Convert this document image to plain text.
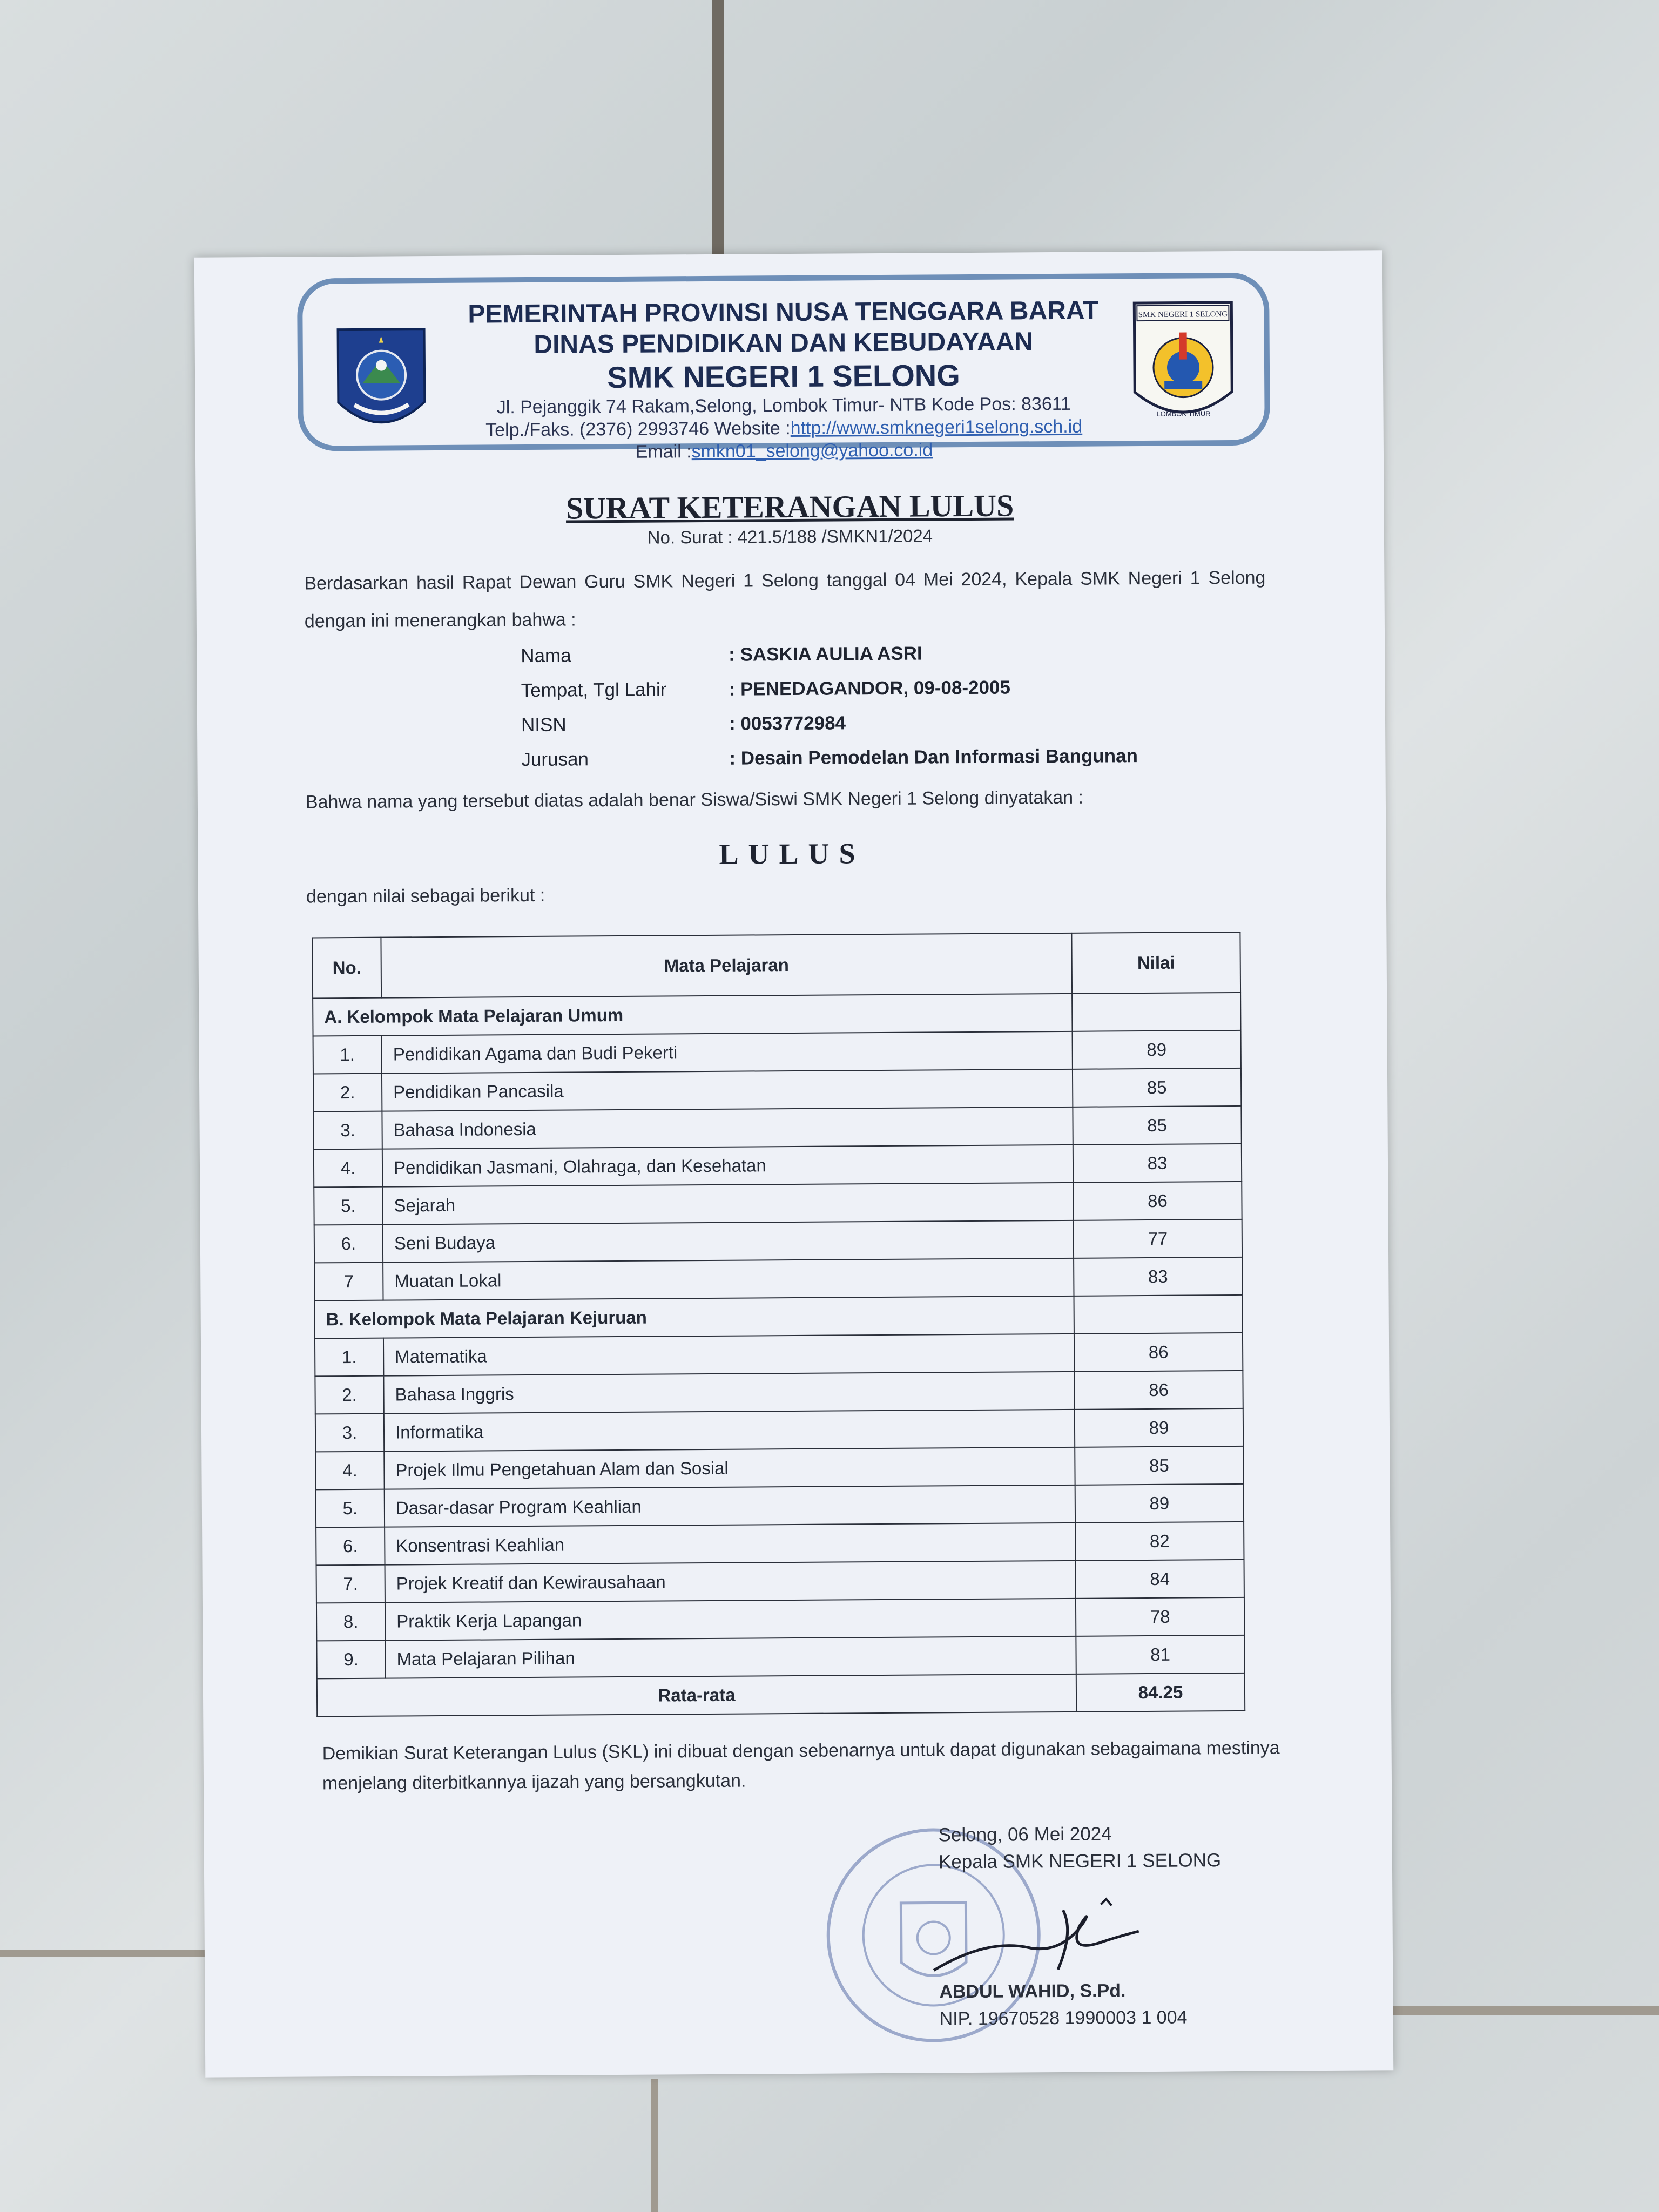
PEMERINTAH PROVINSI NUSA TENGGARA BARAT
DINAS PENDIDIKAN DAN KEBUDAYAAN
SMK NEGERI 1 SELONG
Jl. Pejanggik 74 Rakam,Selong, Lombok Timur- NTB Kode Pos: 83611
Telp./Faks. (2376) 2993746 Website :http://www.smknegeri1selong.sch.id
Email :smkn01_selong@yahoo.co.id
SMK NEGERI 1 SELONG
LOMBOK TIMUR
SURAT KETERANGAN LULUS
No. Surat : 421.5/188 /SMKN1/2024
Berdasarkan hasil Rapat Dewan Guru SMK Negeri 1 Selong tanggal 04 Mei 2024, Kepala SMK Negeri 1 Selong dengan ini menerangkan bahwa :
Nama	: SASKIA AULIA ASRI
Tempat, Tgl Lahir	: PENEDAGANDOR, 09-08-2005
NISN	: 0053772984
Jurusan	: Desain Pemodelan Dan Informasi Bangunan
Bahwa nama yang tersebut diatas adalah benar Siswa/Siswi SMK Negeri 1 Selong dinyatakan :
LULUS
dengan nilai sebagai berikut :
No.	Mata Pelajaran	Nilai
A. Kelompok Mata Pelajaran Umum		
1.	Pendidikan Agama dan Budi Pekerti	89
2.	Pendidikan Pancasila	85
3.	Bahasa Indonesia	85
4.	Pendidikan Jasmani, Olahraga, dan Kesehatan	83
5.	Sejarah	86
6.	Seni Budaya	77
7	Muatan Lokal	83
B. Kelompok Mata Pelajaran Kejuruan		
1.	Matematika	86
2.	Bahasa Inggris	86
3.	Informatika	89
4.	Projek Ilmu Pengetahuan Alam dan Sosial	85
5.	Dasar-dasar Program Keahlian	89
6.	Konsentrasi Keahlian	82
7.	Projek Kreatif dan Kewirausahaan	84
8.	Praktik Kerja Lapangan	78
9.	Mata Pelajaran Pilihan	81
Rata-rata		84.25
Demikian Surat Keterangan Lulus (SKL) ini dibuat dengan sebenarnya untuk dapat digunakan sebagaimana mestinya menjelang diterbitkannya ijazah yang bersangkutan.
Selong, 06 Mei 2024
Kepala SMK NEGERI 1 SELONG
ABDUL WAHID, S.Pd.
NIP. 19670528 1990003 1 004
